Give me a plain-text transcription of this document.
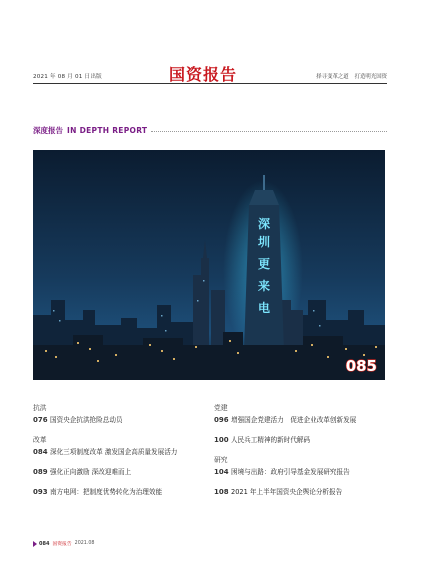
2021 年 08 月 01 日出版	国资报告	择寻变革之道 打造明光国资
深度报告 IN DEPTH REPORT
深
圳
更
来
电
085
抗洪
076 国资央企抗洪抢险总动员
改革
084 深化三项制度改革 激发国企高质量发展活力
089 强化正向激励 深改迎难而上
093 南方电网：把制度优势转化为治理效能
党建
096 增强国企党建活力　促进企业改革创新发展
100 人民兵工精神的新时代解码
研究
104 困境与出路：政府引导基金发展研究报告
108 2021 年上半年国资央企舆论分析报告
084 国资报告 2021.08
